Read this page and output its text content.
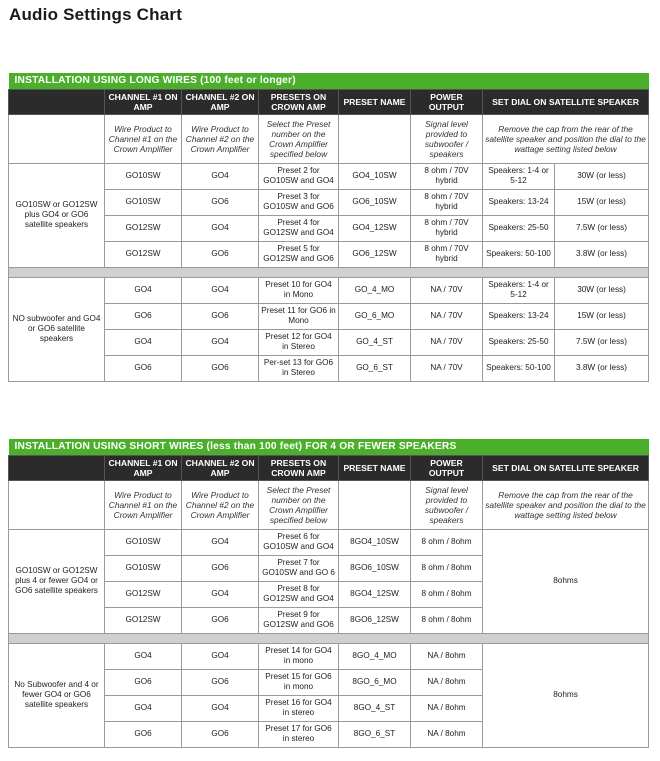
Audio Settings Chart
INSTALLATION USING LONG WIRES (100 feet or longer)							
	CHANNEL #1 ON AMP	CHANNEL #2 ON AMP	PRESETS ON CROWN AMP	PRESET NAME	POWER OUTPUT	SET DIAL ON SATELLITE SPEAKER	
	Wire Product to Channel #1 on the Crown Amplifier	Wire Product to Channel #2 on the Crown Amplifier	Select the Preset number on the Crown Amplifier specified below		Signal level provided to subwoofer / speakers	Remove the cap from the rear of the satellite speaker and position the dial to the wattage setting listed below	
GO10SW or GO12SW plus GO4 or GO6 satellite speakers	GO10SW	GO4	Preset 2 for GO10SW and GO4	GO4_10SW	8 ohm / 70V hybrid	Speakers: 1-4 or 5-12	30W (or less)
	GO10SW	GO6	Preset 3 for GO10SW and GO6	GO6_10SW	8 ohm / 70V hybrid	Speakers: 13-24	15W (or less)
	GO12SW	GO4	Preset 4 for GO12SW and GO4	GO4_12SW	8 ohm / 70V hybrid	Speakers: 25-50	7.5W (or less)
	GO12SW	GO6	Preset 5 for GO12SW and GO6	GO6_12SW	8 ohm / 70V hybrid	Speakers: 50-100	3.8W (or less)

NO subwoofer and GO4 or GO6 satellite speakers	GO4	GO4	Preset 10 for GO4 in Mono	GO_4_MO	NA / 70V	Speakers: 1-4 or 5-12	30W (or less)
	GO6	GO6	Preset 11 for GO6 in Mono	GO_6_MO	NA / 70V	Speakers: 13-24	15W (or less)
	GO4	GO4	Preset 12 for GO4 in Stereo	GO_4_ST	NA / 70V	Speakers: 25-50	7.5W (or less)
	GO6	GO6	Per-set 13 for GO6 in Stereo	GO_6_ST	NA / 70V	Speakers: 50-100	3.8W (or less)
INSTALLATION USING SHORT WIRES (less than 100 feet) FOR 4 OR FEWER SPEAKERS						
	CHANNEL #1 ON AMP	CHANNEL #2 ON AMP	PRESETS ON CROWN AMP	PRESET NAME	POWER OUTPUT	SET DIAL ON SATELLITE SPEAKER
	Wire Product to Channel #1 on the Crown Amplifier	Wire Product to Channel #2 on the Crown Amplifier	Select the Preset number on the Crown Amplifier specified below		Signal level provided to subwoofer / speakers	Remove the cap from the rear of the satellite speaker and position the dial to the wattage setting listed below
GO10SW or GO12SW plus 4 or fewer GO4 or GO6 satellite speakers	GO10SW	GO4	Preset 6 for GO10SW and GO4	8GO4_10SW	8 ohm / 8ohm	8ohms
	GO10SW	GO6	Preset 7 for GO10SW and GO 6	8GO6_10SW	8 ohm / 8ohm	
	GO12SW	GO4	Preset 8 for GO12SW and GO4	8GO4_12SW	8 ohm / 8ohm	
	GO12SW	GO6	Preset 9 for GO12SW and GO6	8GO6_12SW	8 ohm / 8ohm	

No Subwoofer and 4 or fewer GO4 or GO6 satellite speakers	GO4	GO4	Preset 14 for GO4 in mono	8GO_4_MO	NA / 8ohm	8ohms
	GO6	GO6	Preset 15 for GO6 in mono	8GO_6_MO	NA / 8ohm	
	GO4	GO4	Preset 16 for GO4 in stereo	8GO_4_ST	NA / 8ohm	
	GO6	GO6	Preset 17 for GO6 in stereo	8GO_6_ST	NA / 8ohm	
